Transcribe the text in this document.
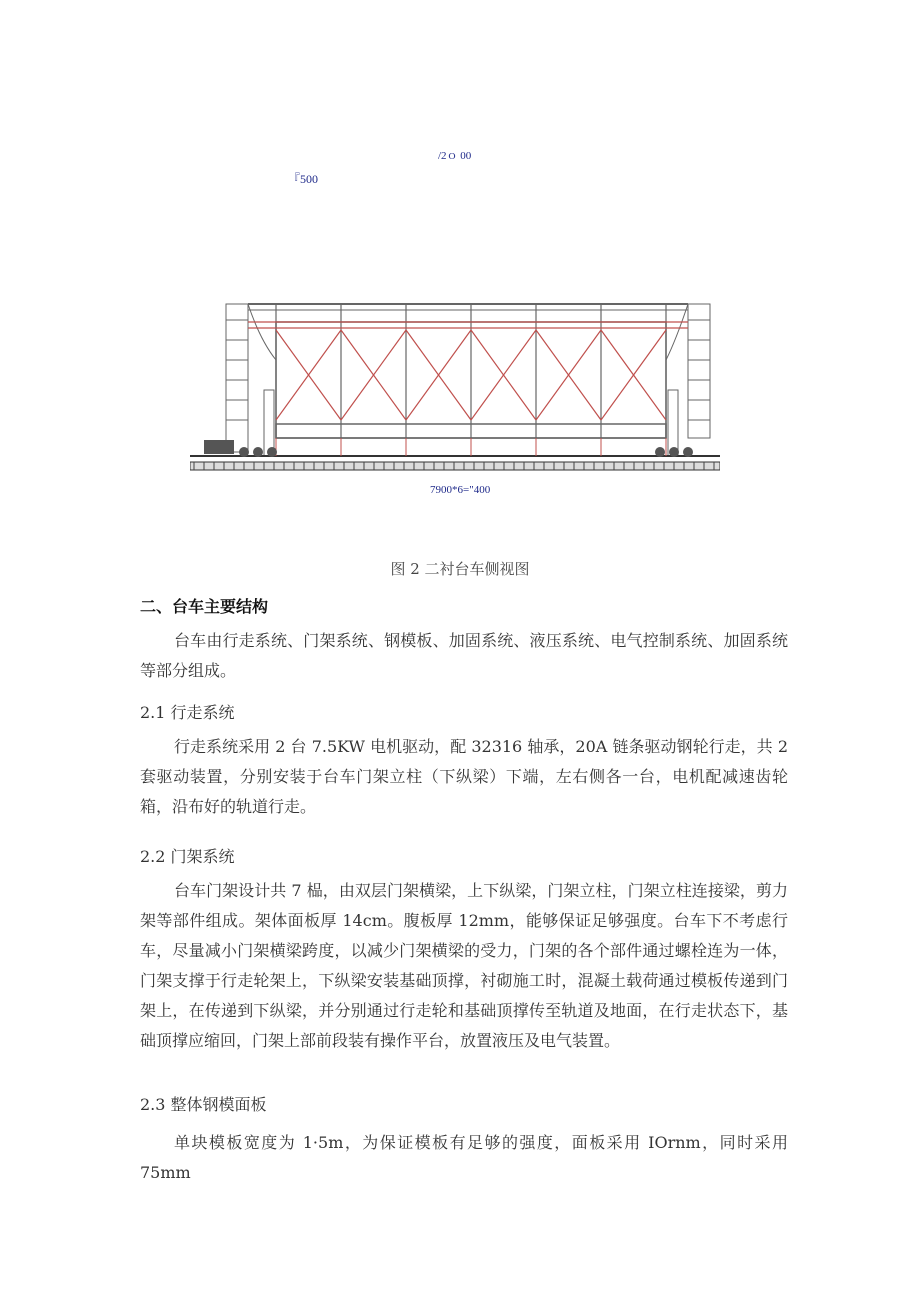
/2ｏ 00
『500
7900*6="400
图 2 二衬台车侧视图
二、台车主要结构
台车由行走系统、门架系统、钢模板、加固系统、液压系统、电气控制系统、加固系统等部分组成。
2.1 行走系统
行走系统采用 2 台 7.5KW 电机驱动，配 32316 轴承，20A 链条驱动钢轮行走，共 2 套驱动装置，分别安装于台车门架立柱（下纵梁）下端，左右侧各一台，电机配减速齿轮箱，沿布好的轨道行走。
2.2 门架系统
台车门架设计共 7 榀，由双层门架横梁，上下纵梁，门架立柱，门架立柱连接梁，剪力架等部件组成。架体面板厚 14cm。腹板厚 12mm，能够保证足够强度。台车下不考虑行车，尽量减小门架横梁跨度，以减少门架横梁的受力，门架的各个部件通过螺栓连为一体，门架支撑于行走轮架上，下纵梁安装基础顶撑，衬砌施工时，混凝土载荷通过模板传递到门架上，在传递到下纵梁，并分别通过行走轮和基础顶撑传至轨道及地面，在行走状态下，基础顶撑应缩回，门架上部前段装有操作平台，放置液压及电气装置。
2.3 整体钢模面板
单块模板宽度为 1·5m，为保证模板有足够的强度，面板采用 IOrnm，同时采用 75mm
